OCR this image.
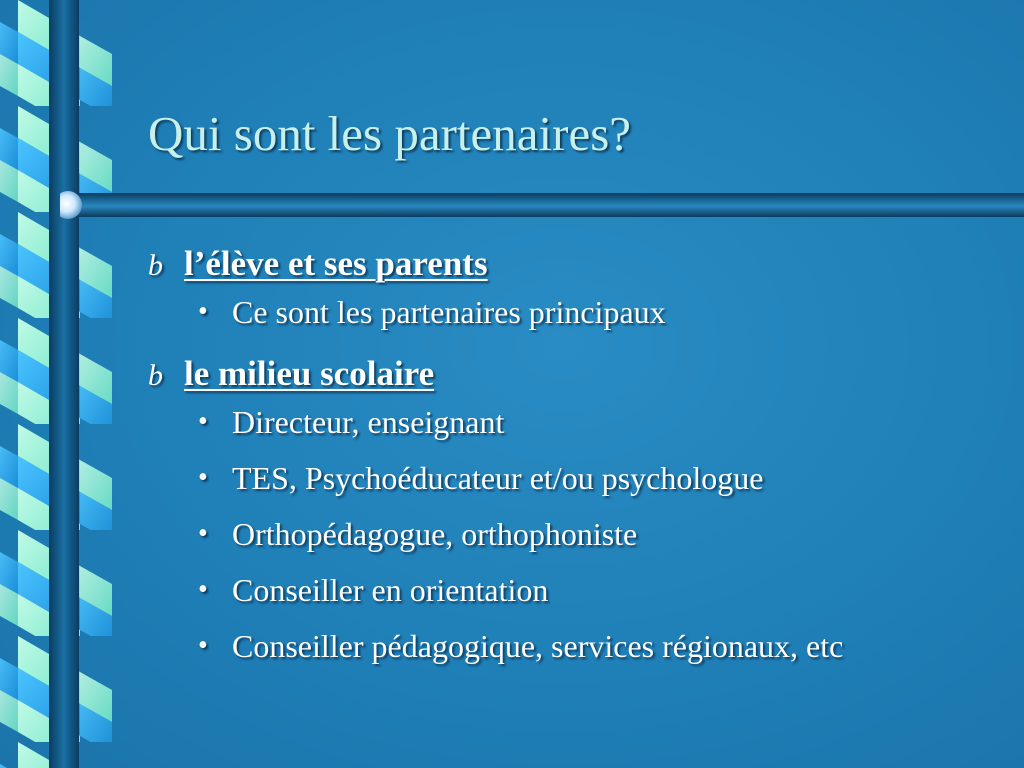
Qui sont les partenaires?
b l’élève et ses parents
• Ce sont les partenaires principaux
b le milieu scolaire
• Directeur, enseignant
• TES, Psychoéducateur et/ou psychologue
• Orthopédagogue, orthophoniste
• Conseiller en orientation
• Conseiller pédagogique, services régionaux, etc
